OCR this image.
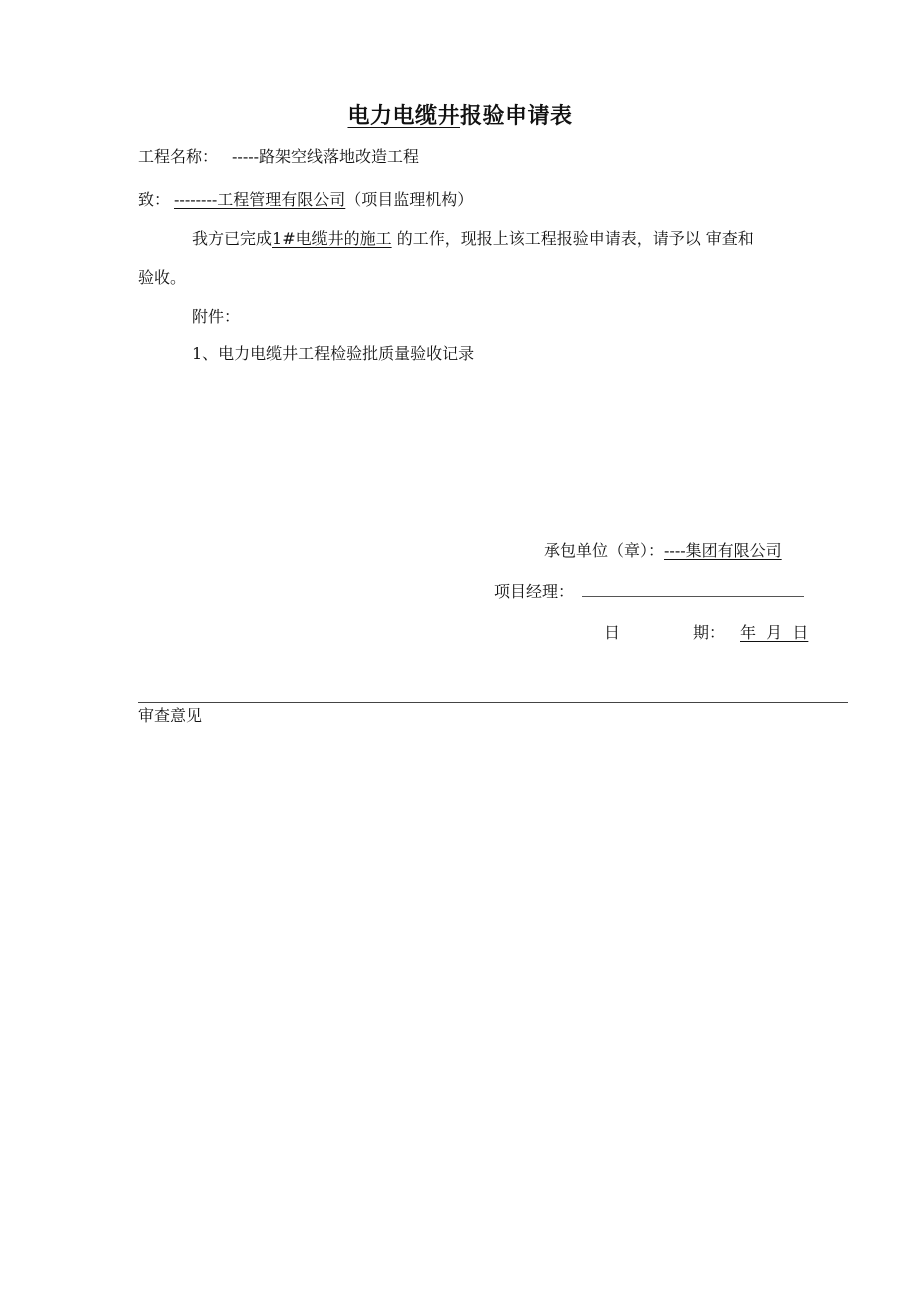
电力电缆井报验申请表
工程名称： -----路架空线落地改造工程
致： --------工程管理有限公司（项目监理机构）
我方已完成1#电缆井的施工 的工作，现报上该工程报验申请表，请予以 审查和
验收。
附件：
1、电力电缆井工程检验批质量验收记录
承包单位（章）：----集团有限公司
项目经理：
日	期： 年  月  日
审查意见
